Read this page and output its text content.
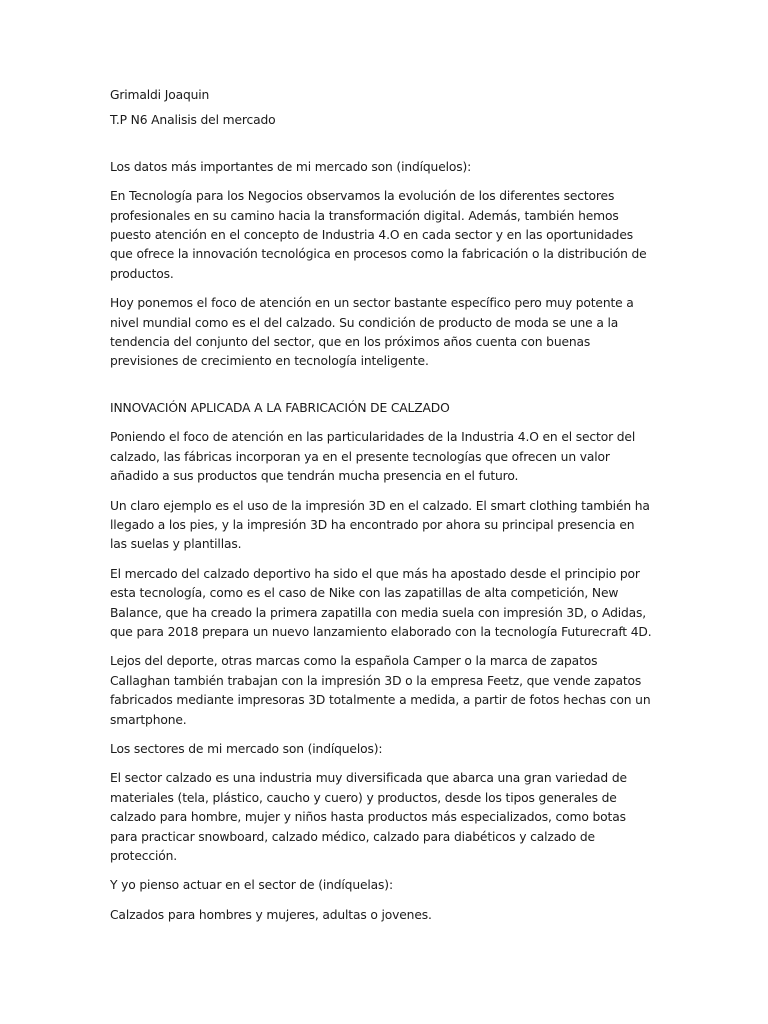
Grimaldi Joaquin

T.P N6 Analisis del mercado

Los datos más importantes de mi mercado son (indíquelos):

En Tecnología para los Negocios observamos la evolución de los diferentes sectores profesionales en su camino hacia la transformación digital. Además, también hemos puesto atención en el concepto de Industria 4.O en cada sector y en las oportunidades que ofrece la innovación tecnológica en procesos como la fabricación o la distribución de productos.

Hoy ponemos el foco de atención en un sector bastante específico pero muy potente a nivel mundial como es el del calzado. Su condición de producto de moda se une a la tendencia del conjunto del sector, que en los próximos años cuenta con buenas previsiones de crecimiento en tecnología inteligente.

INNOVACIÓN APLICADA A LA FABRICACIÓN DE CALZADO

Poniendo el foco de atención en las particularidades de la Industria 4.O en el sector del calzado, las fábricas incorporan ya en el presente tecnologías que ofrecen un valor añadido a sus productos que tendrán mucha presencia en el futuro.

Un claro ejemplo es el uso de la impresión 3D en el calzado. El smart clothing también ha llegado a los pies, y la impresión 3D ha encontrado por ahora su principal presencia en las suelas y plantillas.

El mercado del calzado deportivo ha sido el que más ha apostado desde el principio por esta tecnología, como es el caso de Nike con las zapatillas de alta competición, New Balance, que ha creado la primera zapatilla con media suela con impresión 3D, o Adidas, que para 2018 prepara un nuevo lanzamiento elaborado con la tecnología Futurecraft 4D.

Lejos del deporte, otras marcas como la española Camper o la marca de zapatos Callaghan también trabajan con la impresión 3D o la empresa Feetz, que vende zapatos fabricados mediante impresoras 3D totalmente a medida, a partir de fotos hechas con un smartphone.

Los sectores de mi mercado son (indíquelos):

El sector calzado es una industria muy diversificada que abarca una gran variedad de materiales (tela, plástico, caucho y cuero) y productos, desde los tipos generales de calzado para hombre, mujer y niños hasta productos más especializados, como botas para practicar snowboard, calzado médico, calzado para diabéticos y calzado de protección.

Y yo pienso actuar en el sector de (indíquelas):

Calzados para hombres y mujeres, adultas o jovenes.
